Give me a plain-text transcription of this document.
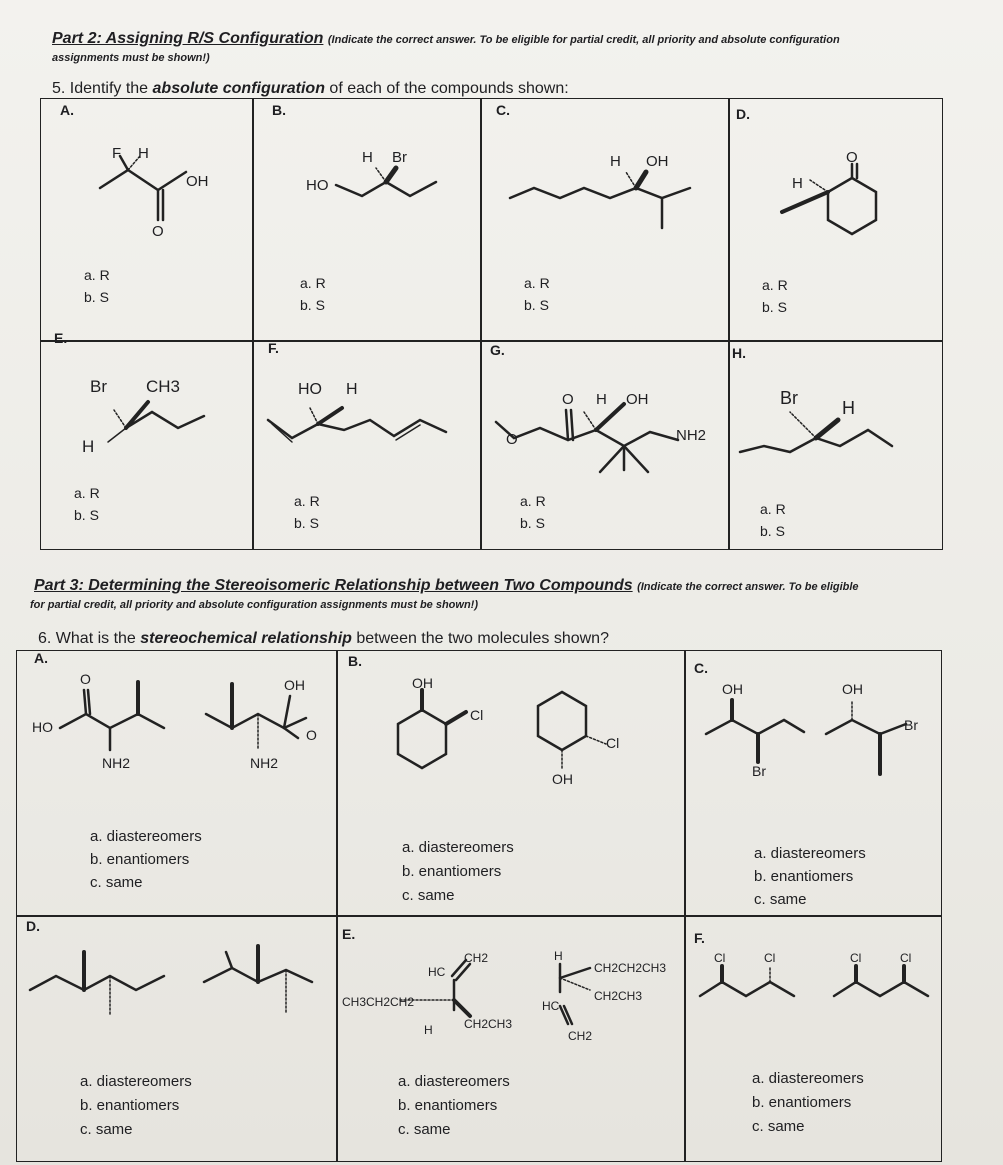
Part 2: Assigning R/S Configuration (Indicate the correct answer. To be eligible for partial credit, all priority and absolute configuration
assignments must be shown!)
5. Identify the absolute configuration of each of the compounds shown:
A.	B.	C.	D.
E.
F.	G.	H.
a. R
b. S
a. R
b. S
a. R
b. S
a. R
b. S
a. R
b. S
a. R
b. S
a. R
b. S
a. R
b. S
F H
OH
O
HO
H Br	H OH
H
O
Br CH3
H
HO H
O H OH
NH2
O
Br H
Part 3: Determining the Stereoisomeric Relationship between Two Compounds (Indicate the correct answer. To be eligible
for partial credit, all priority and absolute configuration assignments must be shown!)
6. What is the stereochemical relationship between the two molecules shown?
A.	B.	C.
D.	E.	F.
a. diastereomers
b. enantiomers
c. same
a. diastereomers
b. enantiomers
c. same
a. diastereomers
b. enantiomers
c. same
a. diastereomers
b. enantiomers
c. same
a. diastereomers
b. enantiomers
c. same
a. diastereomers
b. enantiomers
c. same
O
HO
NH2
OH
O
NH2
OH
Cl
OH
Cl
OH
Br
OH
Br
HC
CH2
CH3CH2CH2
H	CH2CH3
H
CH2CH2CH3
CH2CH3
HC
CH2
Cl	Cl	Cl	Cl
